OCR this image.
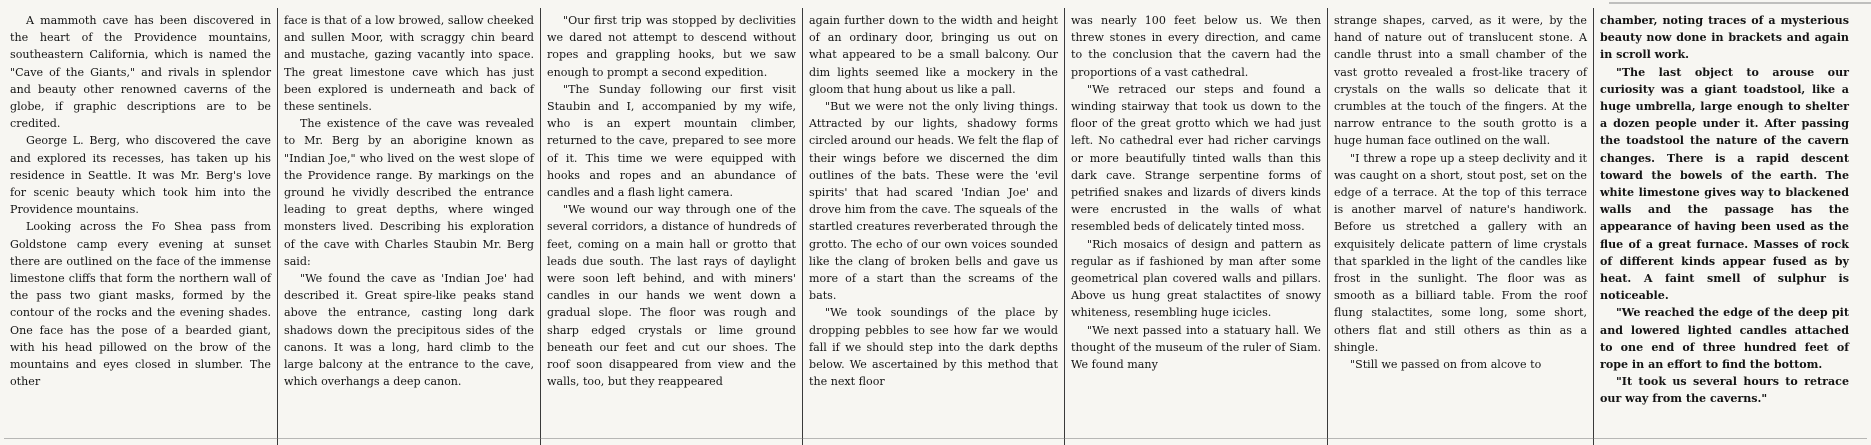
A mammoth cave has been discovered in the heart of the Providence mountains, southeastern California, which is named the "Cave of the Giants," and rivals in splendor and beauty other renowned caverns of the globe, if graphic descriptions are to be credited.

George L. Berg, who discovered the cave and explored its recesses, has taken up his residence in Seattle. It was Mr. Berg's love for scenic beauty which took him into the Providence mountains.

Looking across the Fo Shea pass from Goldstone camp every evening at sunset there are outlined on the face of the immense limestone cliffs that form the northern wall of the pass two giant masks, formed by the contour of the rocks and the evening shades. One face has the pose of a bearded giant, with his head pillowed on the brow of the mountains and eyes closed in slumber. The other

face is that of a low browed, sallow cheeked and sullen Moor, with scraggy chin beard and mustache, gazing vacantly into space. The great limestone cave which has just been explored is underneath and back of these sentinels.

The existence of the cave was revealed to Mr. Berg by an aborigine known as "Indian Joe," who lived on the west slope of the Providence range. By markings on the ground he vividly described the entrance leading to great depths, where winged monsters lived. Describing his exploration of the cave with Charles Staubin Mr. Berg said:

"We found the cave as 'Indian Joe' had described it. Great spire-like peaks stand above the entrance, casting long dark shadows down the precipitous sides of the canons. It was a long, hard climb to the large balcony at the entrance to the cave, which overhangs a deep canon.

"Our first trip was stopped by declivities we dared not attempt to descend without ropes and grappling hooks, but we saw enough to prompt a second expedition.

"The Sunday following our first visit Staubin and I, accompanied by my wife, who is an expert mountain climber, returned to the cave, prepared to see more of it. This time we were equipped with hooks and ropes and an abundance of candles and a flash light camera.

"We wound our way through one of the several corridors, a distance of hundreds of feet, coming on a main hall or grotto that leads due south. The last rays of daylight were soon left behind, and with miners' candles in our hands we went down a gradual slope. The floor was rough and sharp edged crystals or lime ground beneath our feet and cut our shoes. The roof soon disappeared from view and the walls, too, but they reappeared

again further down to the width and height of an ordinary door, bringing us out on what appeared to be a small balcony. Our dim lights seemed like a mockery in the gloom that hung about us like a pall.

"But we were not the only living things. Attracted by our lights, shadowy forms circled around our heads. We felt the flap of their wings before we discerned the dim outlines of the bats. These were the 'evil spirits' that had scared 'Indian Joe' and drove him from the cave. The squeals of the startled creatures reverberated through the grotto. The echo of our own voices sounded like the clang of broken bells and gave us more of a start than the screams of the bats.

"We took soundings of the place by dropping pebbles to see how far we would fall if we should step into the dark depths below. We ascertained by this method that the next floor

was nearly 100 feet below us. We then threw stones in every direction, and came to the conclusion that the cavern had the proportions of a vast cathedral.

"We retraced our steps and found a winding stairway that took us down to the floor of the great grotto which we had just left. No cathedral ever had richer carvings or more beautifully tinted walls than this dark cave. Strange serpentine forms of petrified snakes and lizards of divers kinds were encrusted in the walls of what resembled beds of delicately tinted moss.

"Rich mosaics of design and pattern as regular as if fashioned by man after some geometrical plan covered walls and pillars. Above us hung great stalactites of snowy whiteness, resembling huge icicles.

"We next passed into a statuary hall. We thought of the museum of the ruler of Siam. We found many

strange shapes, carved, as it were, by the hand of nature out of translucent stone. A candle thrust into a small chamber of the vast grotto revealed a frost-like tracery of crystals on the walls so delicate that it crumbles at the touch of the fingers. At the narrow entrance to the south grotto is a huge human face outlined on the wall.

"I threw a rope up a steep declivity and it was caught on a short, stout post, set on the edge of a terrace. At the top of this terrace is another marvel of nature's handiwork. Before us stretched a gallery with an exquisitely delicate pattern of lime crystals that sparkled in the light of the candles like frost in the sunlight. The floor was as smooth as a billiard table. From the roof flung stalactites, some long, some short, others flat and still others as thin as a shingle.

"Still we passed on from alcove to

chamber, noting traces of a mysterious beauty now done in brackets and again in scroll work.

"The last object to arouse our curiosity was a giant toadstool, like a huge umbrella, large enough to shelter a dozen people under it. After passing the toadstool the nature of the cavern changes. There is a rapid descent toward the bowels of the earth. The white limestone gives way to blackened walls and the passage has the appearance of having been used as the flue of a great furnace. Masses of rock of different kinds appear fused as by heat. A faint smell of sulphur is noticeable.

"We reached the edge of the deep pit and lowered lighted candles attached to one end of three hundred feet of rope in an effort to find the bottom.

"It took us several hours to retrace our way from the caverns."
